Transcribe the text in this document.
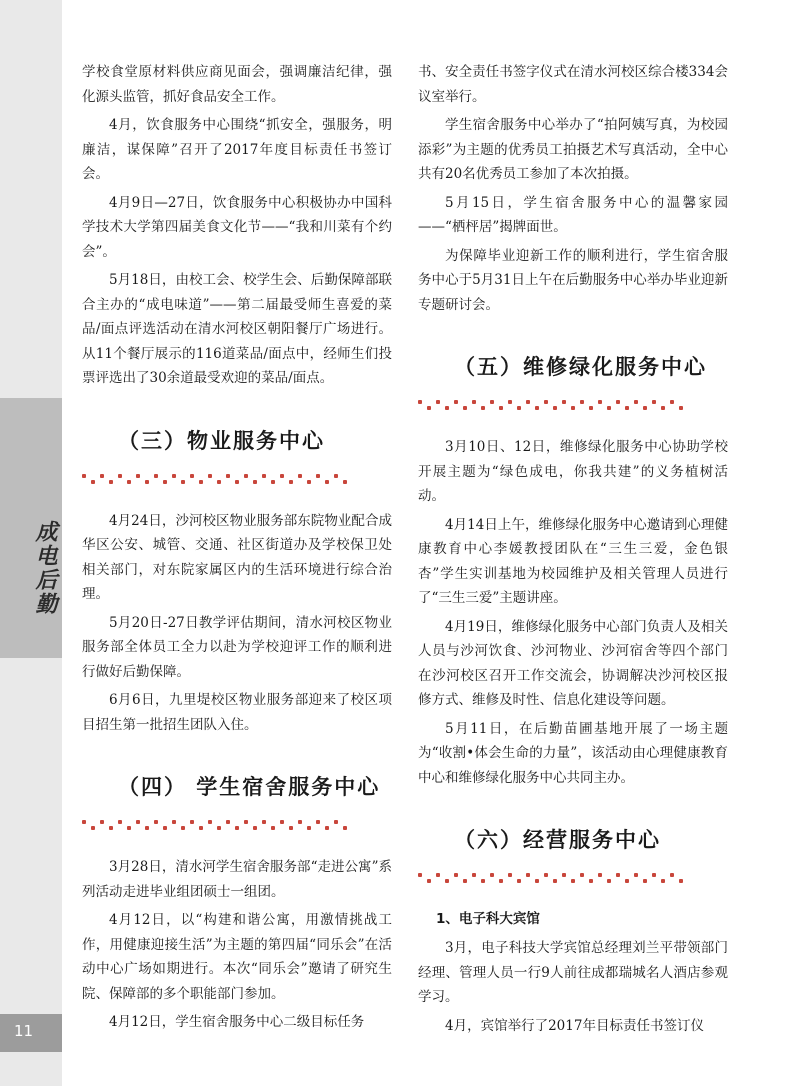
成电后勤
11

学校食堂原材料供应商见面会，强调廉洁纪律，强化源头监管，抓好食品安全工作。

4月，饮食服务中心围绕“抓安全，强服务，明廉洁，谋保障”召开了2017年度目标责任书签订会。

4月9日—27日，饮食服务中心积极协办中国科学技术大学第四届美食文化节——“我和川菜有个约会”。

5月18日，由校工会、校学生会、后勤保障部联合主办的“成电味道”——第二届最受师生喜爱的菜品/面点评选活动在清水河校区朝阳餐厅广场进行。从11个餐厅展示的116道菜品/面点中，经师生们投票评选出了30余道最受欢迎的菜品/面点。

（三）物业服务中心

4月24日，沙河校区物业服务部东院物业配合成华区公安、城管、交通、社区街道办及学校保卫处相关部门，对东院家属区内的生活环境进行综合治理。

5月20日-27日教学评估期间，清水河校区物业服务部全体员工全力以赴为学校迎评工作的顺利进行做好后勤保障。

6月6日，九里堤校区物业服务部迎来了校区项目招生第一批招生团队入住。

（四） 学生宿舍服务中心

3月28日，清水河学生宿舍服务部“走进公寓”系列活动走进毕业组团硕士一组团。

4月12日，以“构建和谐公寓，用激情挑战工作，用健康迎接生活”为主题的第四届“同乐会”在活动中心广场如期进行。本次“同乐会”邀请了研究生院、保障部的多个职能部门参加。

4月12日，学生宿舍服务中心二级目标任务

书、安全责任书签字仪式在清水河校区综合楼334会议室举行。

学生宿舍服务中心举办了“拍阿姨写真，为校园添彩”为主题的优秀员工拍摄艺术写真活动，全中心共有20名优秀员工参加了本次拍摄。

5月15日，学生宿舍服务中心的温馨家园——“栖枰居”揭牌面世。

为保障毕业迎新工作的顺利进行，学生宿舍服务中心于5月31日上午在后勤服务中心举办毕业迎新专题研讨会。

（五）维修绿化服务中心

3月10日、12日，维修绿化服务中心协助学校开展主题为“绿色成电，你我共建”的义务植树活动。

4月14日上午，维修绿化服务中心邀请到心理健康教育中心李媛教授团队在“三生三爱，金色银杏”学生实训基地为校园维护及相关管理人员进行了“三生三爱”主题讲座。

4月19日，维修绿化服务中心部门负责人及相关人员与沙河饮食、沙河物业、沙河宿舍等四个部门在沙河校区召开工作交流会，协调解决沙河校区报修方式、维修及时性、信息化建设等问题。

5月11日，在后勤苗圃基地开展了一场主题为“收割•体会生命的力量”，该活动由心理健康教育中心和维修绿化服务中心共同主办。

（六）经营服务中心
1、电子科大宾馆

3月，电子科技大学宾馆总经理刘兰平带领部门经理、管理人员一行9人前往成都瑞城名人酒店参观学习。

4月，宾馆举行了2017年目标责任书签订仪
